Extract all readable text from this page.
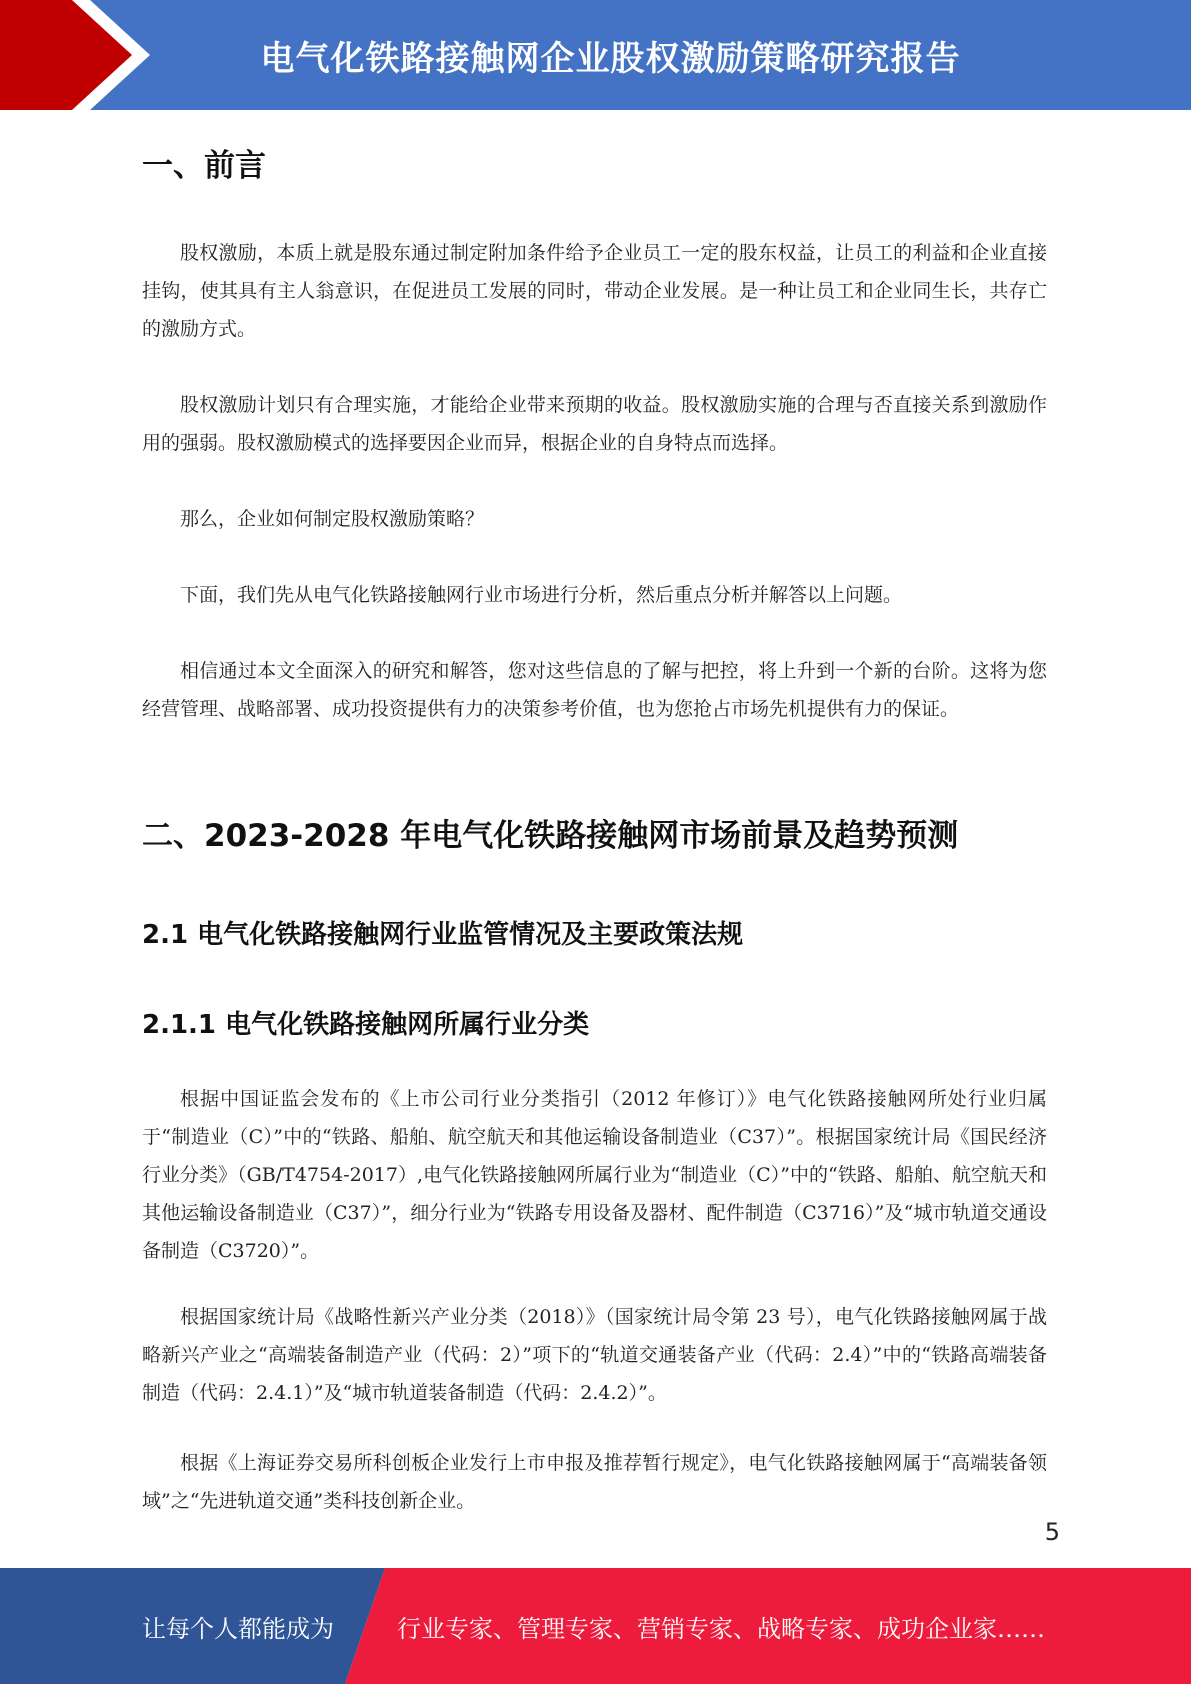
电气化铁路接触网企业股权激励策略研究报告
一、前言

股权激励，本质上就是股东通过制定附加条件给予企业员工一定的股东权益，让员工的利益和企业直接挂钩，使其具有主人翁意识，在促进员工发展的同时，带动企业发展。是一种让员工和企业同生长，共存亡的激励方式。

股权激励计划只有合理实施，才能给企业带来预期的收益。股权激励实施的合理与否直接关系到激励作用的强弱。股权激励模式的选择要因企业而异，根据企业的自身特点而选择。

那么，企业如何制定股权激励策略？

下面，我们先从电气化铁路接触网行业市场进行分析，然后重点分析并解答以上问题。

相信通过本文全面深入的研究和解答，您对这些信息的了解与把控，将上升到一个新的台阶。这将为您经营管理、战略部署、成功投资提供有力的决策参考价值，也为您抢占市场先机提供有力的保证。

二、2023-2028 年电气化铁路接触网市场前景及趋势预测
2.1 电气化铁路接触网行业监管情况及主要政策法规
2.1.1 电气化铁路接触网所属行业分类

根据中国证监会发布的《上市公司行业分类指引（2012 年修订）》电气化铁路接触网所处行业归属于“制造业（C）”中的“铁路、船舶、航空航天和其他运输设备制造业（C37）”。根据国家统计局《国民经济行业分类》（GB/T4754-2017）,电气化铁路接触网所属行业为“制造业（C）”中的“铁路、船舶、航空航天和其他运输设备制造业（C37）”，细分行业为“铁路专用设备及器材、配件制造（C3716）”及“城市轨道交通设备制造（C3720）”。

根据国家统计局《战略性新兴产业分类（2018）》（国家统计局令第 23 号），电气化铁路接触网属于战略新兴产业之“高端装备制造产业（代码：2）”项下的“轨道交通装备产业（代码：2.4）”中的“铁路高端装备制造（代码：2.4.1）”及“城市轨道装备制造（代码：2.4.2）”。

根据《上海证券交易所科创板企业发行上市申报及推荐暂行规定》，电气化铁路接触网属于“高端装备领域”之“先进轨道交通”类科技创新企业。

5
让每个人都能成为	行业专家、管理专家、营销专家、战略专家、成功企业家……
